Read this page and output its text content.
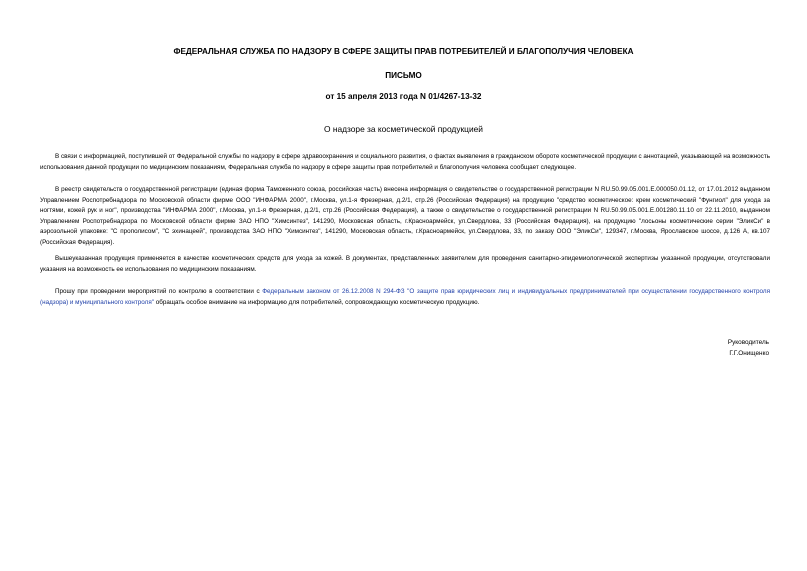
ФЕДЕРАЛЬНАЯ СЛУЖБА ПО НАДЗОРУ В СФЕРЕ ЗАЩИТЫ ПРАВ ПОТРЕБИТЕЛЕЙ И БЛАГОПОЛУЧИЯ ЧЕЛОВЕКА
ПИСЬМО
от 15 апреля 2013 года N 01/4267-13-32
О надзоре за косметической продукцией
В связи с информацией, поступившей от Федеральной службы по надзору в сфере здравоохранения и социального развития, о фактах выявления в гражданском обороте косметической продукции с аннотацией, указывающей на возможность использования данной продукции по медицинским показаниям, Федеральная служба по надзору в сфере защиты прав потребителей и благополучия человека сообщает следующее.
В реестр свидетельств о государственной регистрации (единая форма Таможенного союза, российская часть) внесена информация о свидетельстве о государственной регистрации N RU.50.99.05.001.Е.000050.01.12, от 17.01.2012 выданном Управлением Роспотребнадзора по Московской области фирме ООО "ИНФАРМА 2000", г.Москва, ул.1-я Фрезерная, д.2/1, стр.26 (Российская Федерация) на продукцию "средство косметическое: крем косметический "Фунгиол" для ухода за ногтями, кожей рук и ног", производства "ИНФАРМА 2000", г.Москва, ул.1-я Фрезерная, д.2/1, стр.26 (Российская Федерация), а также о свидетельстве о государственной регистрации N RU.50.99.05.001.Е.001280.11.10 от 22.11.2010, выданном Управлением Роспотребнадзора по Московской области фирме ЗАО НПО "Химсинтез", 141290, Московская область, г.Красноармейск, ул.Свердлова, 33 (Российская Федерация), на продукцию "лосьоны косметические серии "ЭликСи" в аэрозольной упаковке: "С прополисом", "С эхинацеей", производства ЗАО НПО "Химсинтез", 141290, Московская область, г.Красноармейск, ул.Свердлова, 33, по заказу ООО "ЭликСи", 129347, г.Москва, Ярославское шоссе, д.126 А, кв.107 (Российская Федерация).
Вышеуказанная продукция применяется в качестве косметических средств для ухода за кожей. В документах, представленных заявителем для проведения санитарно-эпидемиологической экспертизы указанной продукции, отсутствовали указания на возможность ее использования по медицинским показаниям.
Прошу при проведении мероприятий по контролю в соответствии с Федеральным законом от 26.12.2008 N 294-ФЗ "О защите прав юридических лиц и индивидуальных предпринимателей при осуществлении государственного контроля (надзора) и муниципального контроля" обращать особое внимание на информацию для потребителей, сопровождающую косметическую продукцию.
Руководитель
Г.Г.Онищенко
